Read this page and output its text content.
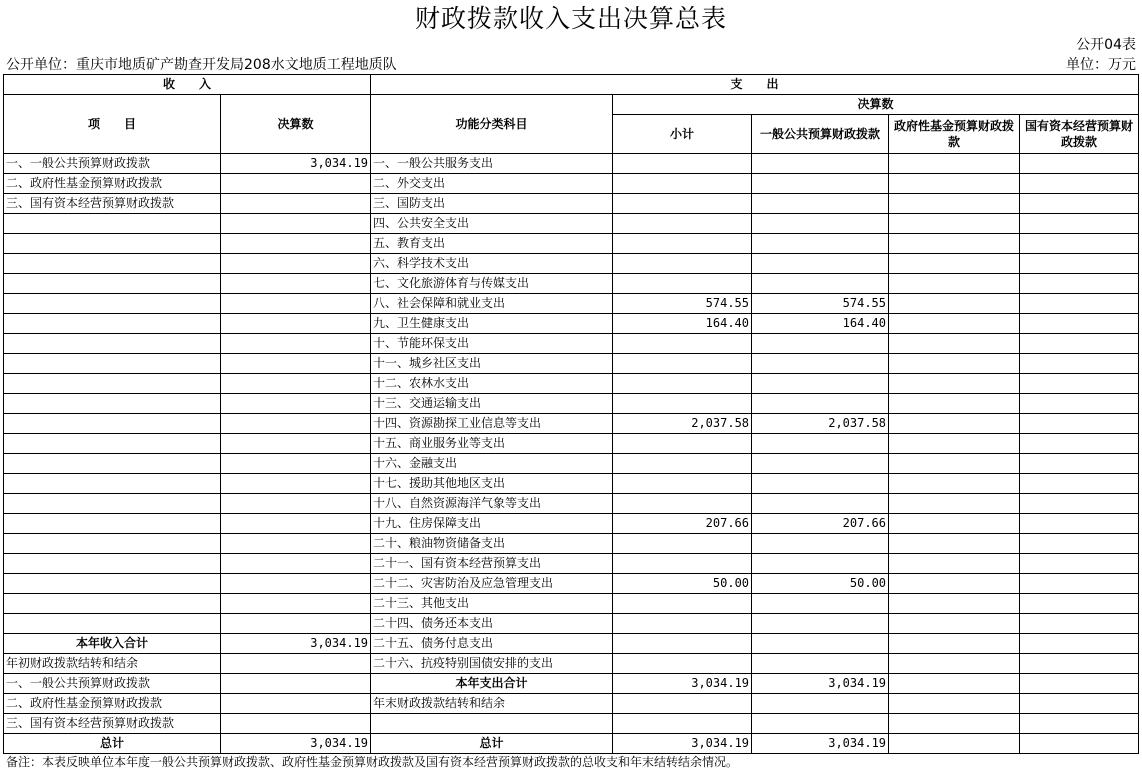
财政拨款收入支出决算总表
公开04表
公开单位：重庆市地质矿产勘查开发局208水文地质工程地质队	单位：万元
收　　入		支　　出				
项　　目	决算数	功能分类科目	决算数			
			小计	一般公共预算财政拨款	政府性基金预算财政拨款	国有资本经营预算财政拨款

一、一般公共预算财政拨款	3,034.19	一、一般公共服务支出				
二、政府性基金预算财政拨款		二、外交支出				
三、国有资本经营预算财政拨款		三、国防支出				
		四、公共安全支出				
		五、教育支出				
		六、科学技术支出				
		七、文化旅游体育与传媒支出				
		八、社会保障和就业支出	574.55	574.55		
		九、卫生健康支出	164.40	164.40		
		十、节能环保支出				
		十一、城乡社区支出				
		十二、农林水支出				
		十三、交通运输支出				
		十四、资源勘探工业信息等支出	2,037.58	2,037.58		
		十五、商业服务业等支出				
		十六、金融支出				
		十七、援助其他地区支出				
		十八、自然资源海洋气象等支出				
		十九、住房保障支出	207.66	207.66		
		二十、粮油物资储备支出				
		二十一、国有资本经营预算支出				
		二十二、灾害防治及应急管理支出	50.00	50.00		
		二十三、其他支出				
		二十四、债务还本支出				
本年收入合计	3,034.19	二十五、债务付息支出				
年初财政拨款结转和结余		二十六、抗疫特别国债安排的支出				
一、一般公共预算财政拨款		本年支出合计	3,034.19	3,034.19		
二、政府性基金预算财政拨款		年末财政拨款结转和结余				
三、国有资本经营预算财政拨款						
总计	3,034.19	总计	3,034.19	3,034.19		
备注：本表反映单位本年度一般公共预算财政拨款、政府性基金预算财政拨款及国有资本经营预算财政拨款的总收支和年末结转结余情况。
